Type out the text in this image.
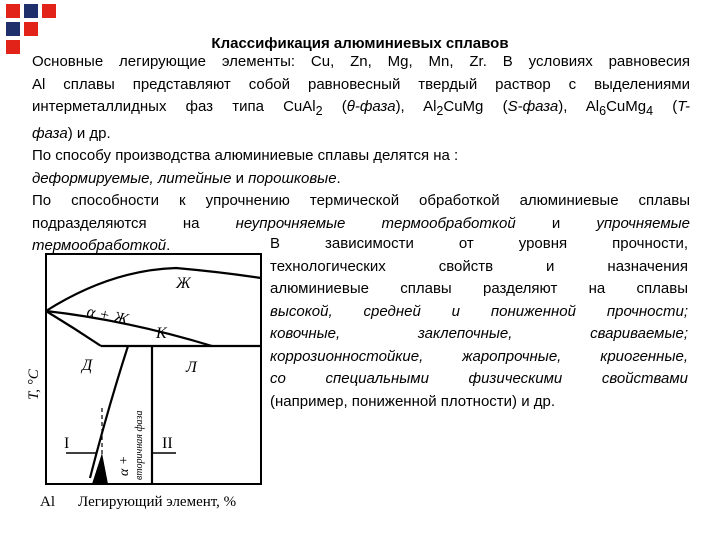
Классификация алюминиевых сплавов

Основные легирующие элементы: Cu, Zn, Mg, Mn, Zr. В условиях равновесия
Al сплавы представляют собой равновесный твердый раствор с выделениями
интерметаллидных фаз типа CuAl$_2$ (θ-фаза), $Al_2CuMg$ (S-фаза), $Al_6CuMg_4$ (T-
фаза) и др.

По способу производства алюминиевые сплавы делятся на :
деформируемые, литейные и порошковые.

По способности к упрочнению термической обработкой алюминиевые сплавы
подразделяются на неупрочняемые термообработкой и упрочняемые
термообработкой.	В зависимости от уровня прочности,
технологических свойств и назначения
алюминиевые сплавы разделяют на сплавы
высокой, средней и пониженной прочности;
ковочные, заклепочные, свариваемые;
коррозионностойкие, жаропрочные, криогенные,
со специальными физическими свойствами
(например, пониженной плотности) и др.
T, °C
Ж
α + Ж
К
Д	Л
α + вторичная фаза
I	II
Al Легирующий элемент, %
